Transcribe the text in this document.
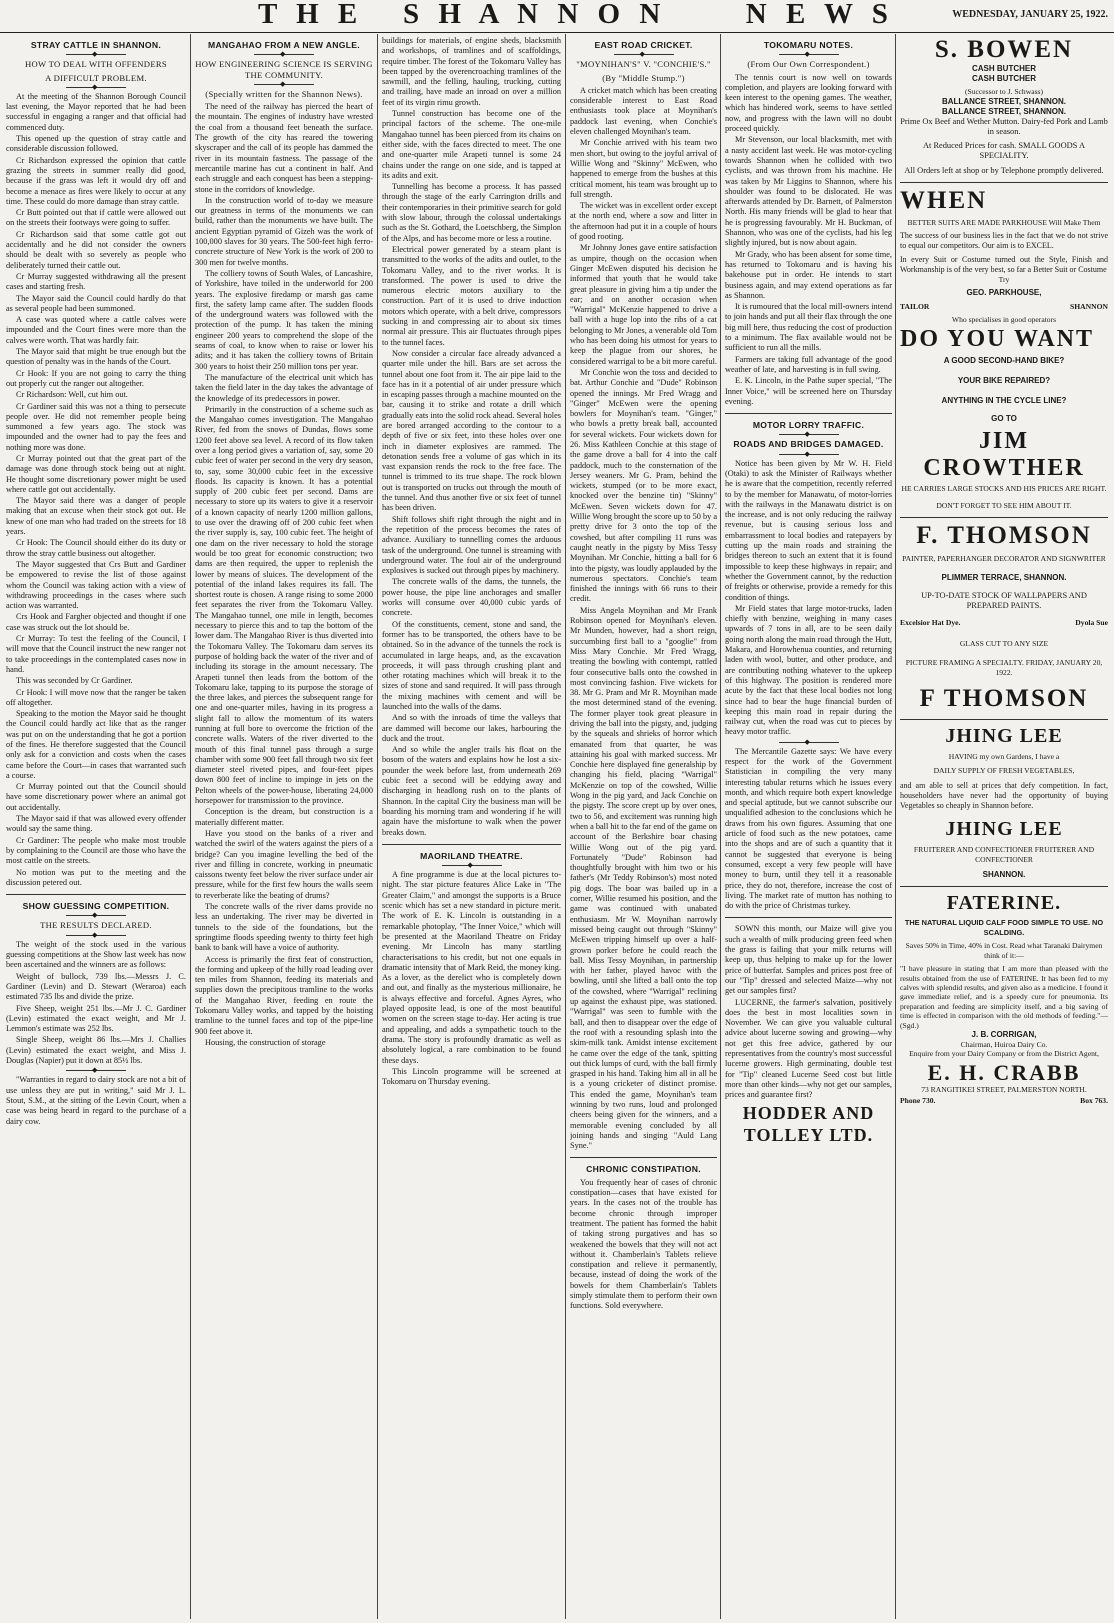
T H E   S H A N N O N      N E W S	WEDNESDAY, JANUARY 25, 1922.
STRAY CATTLE IN SHANNON.
◆
HOW TO DEAL WITH OFFENDERS
A DIFFICULT PROBLEM.
◆

At the meeting of the Shannon Borough Council last evening, the Mayor reported that he had been successful in engaging a ranger and that official had commenced duty.

This opened up the question of stray cattle and considerable discussion followed.

Cr Richardson expressed the opinion that cattle grazing the streets in summer really did good, because if the grass was left it would dry off and become a menace as fires were likely to occur at any time. These could do more damage than stray cattle.

Cr Butt pointed out that if cattle were allowed out on the streets their footways were going to suffer.

Cr Richardson said that some cattle got out accidentally and he did not consider the owners should be dealt with so severely as people who deliberately turned their cattle out.

Cr Murray suggested withdrawing all the present cases and starting fresh.

The Mayor said the Council could hardly do that as several people had been summoned.

A case was quoted where a cattle calves were impounded and the Court fines were more than the calves were worth. That was hardly fair.

The Mayor said that might be true enough but the question of penalty was in the hands of the Court.

Cr Hook: If you are not going to carry the thing out properly cut the ranger out altogether.

Cr Richardson: Well, cut him out.

Cr Gardiner said this was not a thing to persecute people over. He did not remember people being summoned a few years ago. The stock was impounded and the owner had to pay the fees and nothing more was done.

Cr Murray pointed out that the great part of the damage was done through stock being out at night. He thought some discretionary power might be used where cattle got out accidentally.

The Mayor said there was a danger of people making that an excuse when their stock got out. He knew of one man who had traded on the streets for 18 years.

Cr Hook: The Council should either do its duty or throw the stray cattle business out altogether.

The Mayor suggested that Crs Butt and Gardiner be empowered to revise the list of those against whom the Council was taking action with a view of withdrawing proceedings in the cases where such action was warranted.

Crs Hook and Fargher objected and thought if one case was struck out the lot should be.

Cr Murray: To test the feeling of the Council, I will move that the Council instruct the new ranger not to take proceedings in the contemplated cases now in hand.

This was seconded by Cr Gardiner.

Cr Hook: I will move now that the ranger be taken off altogether.

Speaking to the motion the Mayor said he thought the Council could hardly act like that as the ranger was put on on the understanding that he got a portion of the fines. He therefore suggested that the Council only ask for a conviction and costs when the cases came before the Court—in cases that warranted such a course.

Cr Murray pointed out that the Council should have some discretionary power where an animal got out accidentally.

The Mayor said if that was allowed every offender would say the same thing.

Cr Gardiner: The people who make most trouble by complaining to the Council are those who have the most cattle on the streets.

No motion was put to the meeting and the discussion petered out.

SHOW GUESSING COMPETITION.
◆
THE RESULTS DECLARED.
◆

The weight of the stock used in the various guessing competitions at the Show last week has now been ascertained and the winners are as follows:

Weight of bullock, 739 lbs.—Messrs J. C. Gardiner (Levin) and D. Stewart (Weraroa) each estimated 735 lbs and divide the prize.

Five Sheep, weight 251 lbs.—Mr J. C. Gardiner (Levin) estimated the exact weight, and Mr J. Lemmon's estimate was 252 lbs.

Single Sheep, weight 86 lbs.—Mrs J. Challies (Levin) estimated the exact weight, and Miss J. Douglas (Napier) put it down at 85½ lbs.

◆

"Warranties in regard to dairy stock are not a bit of use unless they are put in writing," said Mr J. L. Stout, S.M., at the sitting of the Levin Court, when a case was being heard in regard to the purchase of a dairy cow.

MANGAHAO FROM A NEW ANGLE.
◆
HOW ENGINEERING SCIENCE IS SERVING THE COMMUNITY.
◆
(Specially written for the Shannon News).

The need of the railway has pierced the heart of the mountain. The engines of industry have wrested the coal from a thousand feet beneath the surface. The growth of the city has reared the towering skyscraper and the call of its people has dammed the river in its mountain fastness. The passage of the mercantile marine has cut a continent in half. And each struggle and each conquest has been a stepping-stone in the corridors of knowledge.

In the construction world of to-day we measure our greatness in terms of the monuments we can build, rather than the monuments we have built. The ancient Egyptian pyramid of Gizeh was the work of 100,000 slaves for 30 years. The 500-feet high ferro-concrete structure of New York is the work of 200 to 300 men for twelve months.

The colliery towns of South Wales, of Lancashire, of Yorkshire, have toiled in the underworld for 200 years. The explosive firedamp or marsh gas came first, the safety lamp came after. The sudden floods of the underground waters was followed with the protection of the pump. It has taken the mining engineer 200 years to comprehend the slope of the seams of coal, to know when to raise or lower his adits; and it has taken the colliery towns of Britain 300 years to hoist their 250 million tons per year.

The manufacture of the electrical unit which has taken the field later in the day takes the advantage of the knowledge of its predecessors in power.

Primarily in the construction of a scheme such as the Mangahao comes investigation. The Mangahao River, fed from the snows of Dundas, flows some 1200 feet above sea level. A record of its flow taken over a long period gives a variation of, say, some 20 cubic feet of water per second in the very dry season, to, say, some 30,000 cubic feet in the excessive floods. Its capacity is known. It has a potential supply of 200 cubic feet per second. Dams are necessary to store up its waters to give it a reservoir of a known capacity of nearly 1200 million gallons, to use over the drawing off of 200 cubic feet when the river supply is, say, 100 cubic feet. The height of one dam on the river necessary to hold the storage would be too great for economic construction; two dams are then required, the upper to replenish the lower by means of sluices. The development of the potential of the inland lakes requires its fall. The shortest route is chosen. A range rising to some 2000 feet separates the river from the Tokomaru Valley. The Mangahao tunnel, one mile in length, becomes necessary to pierce this and to tap the bottom of the lower dam. The Mangahao River is thus diverted into the Tokomaru Valley. The Tokomaru dam serves its purpose of holding back the water of the river and of including its storage in the amount necessary. The Arapeti tunnel then leads from the bottom of the Tokomaru lake, tapping to its purpose the storage of the three lakes, and pierces the subsequent range for one and one-quarter miles, having in its progress a slight fall to allow the momentum of its waters running at full bore to overcome the friction of the concrete walls. Waters of the river diverted to the mouth of this final tunnel pass through a surge chamber with some 900 feet fall through two six feet diameter steel riveted pipes, and four-feet pipes down 800 feet of incline to impinge in jets on the Pelton wheels of the power-house, liberating 24,000 horsepower for transmission to the province.

Conception is the dream, but construction is a materially different matter.

Have you stood on the banks of a river and watched the swirl of the waters against the piers of a bridge? Can you imagine levelling the bed of the river and filling in concrete, working in pneumatic caissons twenty feet below the river surface under air pressure, while for the first few hours the walls seem to reverberate like the beating of drums?

The concrete walls of the river dams provide no less an undertaking. The river may be diverted in tunnels to the side of the foundations, but the springtime floods speeding twenty to thirty feet high bank to bank will have a voice of authority.

Access is primarily the first feat of construction, the forming and upkeep of the hilly road leading over ten miles from Shannon, feeding its materials and supplies down the precipitous tramline to the works of the Mangahao River, feeding en route the Tokomaru Valley works, and tapped by the hoisting tramline to the tunnel faces and top of the pipe-line 900 feet above it.

Housing, the construction of storage

buildings for materials, of engine sheds, blacksmith and workshops, of tramlines and of scaffoldings, require timber. The forest of the Tokomaru Valley has been tapped by the overencroaching tramlines of the sawmill, and the felling, hauling, trucking, cutting and trailing, have made an inroad on over a million feet of its virgin rimu growth.

Tunnel construction has become one of the principal factors of the scheme. The one-mile Mangahao tunnel has been pierced from its chains on either side, with the faces directed to meet. The one and one-quarter mile Arapeti tunnel is some 24 chains under the range on one side, and is tapped at its adits and exit.

Tunnelling has become a process. It has passed through the stage of the early Carrington drills and their contemporaries in their primitive search for gold with slow labour, through the colossal undertakings such as the St. Gothard, the Loetschberg, the Simplon of the Alps, and has become more or less a routine.

Electrical power generated by a steam plant is transmitted to the works of the adits and outlet, to the Tokomaru Valley, and to the river works. It is transformed. The power is used to drive the numerous electric motors auxiliary to the construction. Part of it is used to drive induction motors which operate, with a belt drive, compressors sucking in and compressing air to about six times normal air pressure. This air fluctuates through pipes to the tunnel faces.

Now consider a circular face already advanced a quarter mile under the hill. Bars are set across the tunnel about one foot from it. The air pipe laid to the face has in it a potential of air under pressure which in escaping passes through a machine mounted on the bar, causing it to strike and rotate a drill which gradually eats into the solid rock ahead. Several holes are bored arranged according to the contour to a depth of five or six feet, into these holes over one inch in diameter explosives are rammed. The detonation sends free a volume of gas which in its vast expansion rends the rock to the free face. The tunnel is trimmed to its true shape. The rock blown out is transported on trucks out through the mouth of the tunnel. And thus another five or six feet of tunnel has been driven.

Shift follows shift right through the night and in the repetition of the process becomes the rates of advance. Auxiliary to tunnelling comes the arduous task of the underground. One tunnel is streaming with underground water. The foul air of the underground explosives is sucked out through pipes by machinery.

The concrete walls of the dams, the tunnels, the power house, the pipe line anchorages and smaller works will consume over 40,000 cubic yards of concrete.

Of the constituents, cement, stone and sand, the former has to be transported, the others have to be obtained. So in the advance of the tunnels the rock is accumulated in large heaps, and, as the excavation proceeds, it will pass through crushing plant and other rotating machines which will break it to the sizes of stone and sand required. It will pass through the mixing machines with cement and will be launched into the walls of the dams.

And so with the inroads of time the valleys that are dammed will become our lakes, harbouring the duck and the trout.

And so while the angler trails his float on the bosom of the waters and explains how he lost a six-pounder the week before last, from underneath 269 cubic feet a second will be eddying away and discharging in headlong rush on to the plants of Shannon. In the capital City the business man will be boarding his morning tram and wondering if he will again have the misfortune to walk when the power breaks down.

MAORILAND THEATRE.
◆

A fine programme is due at the local pictures to-night. The star picture features Alice Lake in "The Greater Claim," and amongst the supports is a Bruce scenic which has set a new standard in picture merit. The work of E. K. Lincoln is outstanding in a remarkable photoplay, "The Inner Voice," which will be presented at the Maoriland Theatre on Friday evening. Mr Lincoln has many startling characterisations to his credit, but not one equals in dramatic intensity that of Mark Reid, the money king. As a lover, as the derelict who is completely down and out, and finally as the mysterious millionaire, he is always effective and forceful. Agnes Ayres, who played opposite lead, is one of the most beautiful women on the screen stage to-day. Her acting is true and appealing, and adds a sympathetic touch to the drama. The story is profoundly dramatic as well as absolutely logical, a rare combination to be found these days.

This Lincoln programme will be screened at Tokomaru on Thursday evening.

EAST ROAD CRICKET.
◆
"MOYNIHAN'S" V. "CONCHIE'S."
(By "Middle Stump.")

A cricket match which has been creating considerable interest to East Road enthusiasts took place at Moynihan's paddock last evening, when Conchie's eleven challenged Moynihan's team.

Mr Conchie arrived with his team two men short, but owing to the joyful arrival of Willie Wong and "Skinny" McEwen, who happened to emerge from the bushes at this critical moment, his team was brought up to full strength.

The wicket was in excellent order except at the north end, where a sow and litter in the afternoon had put it in a couple of hours of good rooting.

Mr Johnny Jones gave entire satisfaction as umpire, though on the occasion when Ginger McEwen disputed his decision he informed that youth that he would take great pleasure in giving him a tip under the ear; and on another occasion when "Warrigal" McKenzie happened to drive a ball with a huge lop into the ribs of a cat belonging to Mr Jones, a venerable old Tom who has been doing his utmost for years to keep the plague from our shores, he considered warrigal to be a bit more careful.

Mr Conchie won the toss and decided to bat. Arthur Conchie and "Dude" Robinson opened the innings. Mr Fred Wragg and "Ginger" McEwen were the opening bowlers for Moynihan's team. "Ginger," who bowls a pretty break ball, accounted for several wickets. Four wickets down for 26. Miss Kathleen Conchie at this stage of the game drove a ball for 4 into the calf paddock, much to the consternation of the Jersey weaners. Mr G. Pram, behind the wickets, stumped (or to be more exact, knocked over the benzine tin) "Skinny" McEwen. Seven wickets down for 47. Willie Wong brought the score up to 50 by a pretty drive for 3 onto the top of the cowshed, but after compiling 11 runs was caught neatly in the pigsty by Miss Tessy Moynihan. Mr Conchie, hitting a ball for 6 into the pigsty, was loudly applauded by the numerous spectators. Conchie's team finished the innings with 66 runs to their credit.

Miss Angela Moynihan and Mr Frank Robinson opened for Moynihan's eleven. Mr Munden, however, had a short reign, succumbing first ball to a "googlie" from Miss Mary Conchie. Mr Fred Wragg, treating the bowling with contempt, rattled four consecutive balls onto the cowshed in most convincing fashion. Five wickets for 38. Mr G. Pram and Mr R. Moynihan made the most determined stand of the evening. The former player took great pleasure in driving the ball into the pigsty, and, judging by the squeals and shrieks of horror which emanated from that quarter, he was attaining his goal with marked success. Mr Conchie here displayed fine generalship by changing his field, placing "Warrigal" McKenzie on top of the cowshed, Willie Wong in the pig yard, and Jack Conchie on the pigsty. The score crept up by over ones, two to 56, and excitement was running high when a ball hit to the far end of the game on account of the Berkshire boar chasing Willie Wong out of the pig yard. Fortunately "Dude" Robinson had thoughtfully brought with him two or his father's (Mr Teddy Robinson's) most noted pig dogs. The boar was bailed up in a corner, Willie resumed his position, and the game was continued with unabated enthusiasm. Mr W. Moynihan narrowly missed being caught out through "Skinny" McEwen tripping himself up over a half-grown porker before he could reach the ball. Miss Tessy Moynihan, in partnership with her father, played havoc with the bowling, until she lifted a ball onto the top of the cowshed, where "Warrigal" reclining up against the exhaust pipe, was stationed. "Warrigal" was seen to fumble with the ball, and then to disappear over the edge of the roof with a resounding splash into the skim-milk tank. Amidst intense excitement he came over the edge of the tank, spitting out thick lumps of curd, with the ball firmly grasped in his hand. Taking him all in all he is a young cricketer of distinct promise. This ended the game, Moynihan's team winning by two runs, loud and prolonged cheers being given for the winners, and a memorable evening concluded by all joining hands and singing "Auld Lang Syne."

CHRONIC CONSTIPATION.

You frequently hear of cases of chronic constipation—cases that have existed for years. In the cases not of the trouble has become chronic through improper treatment. The patient has formed the habit of taking strong purgatives and has so weakened the bowels that they will not act without it. Chamberlain's Tablets relieve constipation and relieve it permanently, because, instead of doing the work of the bowels for them Chamberlain's Tablets simply stimulate them to perform their own functions. Sold everywhere.

TOKOMARU NOTES.
◆
(From Our Own Correspondent.)

The tennis court is now well on towards completion, and players are looking forward with keen interest to the opening games. The weather, which has hindered work, seems to have settled now, and progress with the lawn will no doubt proceed quickly.

Mr Stevenson, our local blacksmith, met with a nasty accident last week. He was motor-cycling towards Shannon when he collided with two cyclists, and was thrown from his machine. He was taken by Mr Liggins to Shannon, where his shoulder was found to be dislocated. He was afterwards attended by Dr. Barnett, of Palmerston North. His many friends will be glad to hear that he is progressing favourably. Mr H. Buckman, of Shannon, who was one of the cyclists, had his leg slightly injured, but is now about again.

Mr Grady, who has been absent for some time, has returned to Tokomaru and is having his bakehouse put in order. He intends to start business again, and may extend operations as far as Shannon.

It is rumoured that the local mill-owners intend to join hands and put all their flax through the one big mill here, thus reducing the cost of production to a minimum. The flax available would not be sufficient to run all the mills.

Farmers are taking full advantage of the good weather of late, and harvesting is in full swing.

E. K. Lincoln, in the Pathe super special, "The Inner Voice," will be screened here on Thursday evening.

MOTOR LORRY TRAFFIC.
◆
ROADS AND BRIDGES DAMAGED.
◆

Notice has been given by Mr W. H. Field (Otaki) to ask the Minister of Railways whether he is aware that the competition, recently referred to by the member for Manawatu, of motor-lorries with the railways in the Manawatu district is on the increase, and is not only reducing the railway revenue, but is causing serious loss and embarrassment to local bodies and ratepayers by cutting up the main roads and straining the bridges thereon to such an extent that it is found impossible to keep these highways in repair; and whether the Government cannot, by the reduction of freights or otherwise, provide a remedy for this condition of things.

Mr Field states that large motor-trucks, laden chiefly with benzine, weighing in many cases upwards of 7 tons in all, are to be seen daily going north along the main road through the Hutt, Makara, and Horowhenua counties, and returning laden with wool, butter, and other produce, and are contributing nothing whatever to the upkeep of this highway. The position is rendered more acute by the fact that these local bodies not long since had to bear the huge financial burden of keeping this main road in repair during the railway cut, when the road was cut to pieces by heavy motor traffic.

◆

The Mercantile Gazette says: We have every respect for the work of the Government Statistician in compiling the very many interesting tabular returns which he issues every month, and which require both expert knowledge and special aptitude, but we cannot subscribe our unqualified adhesion to the conclusions which he draws from his own figures. Assuming that one article of food such as the new potatoes, came into the shops and are of such a quantity that it cannot be suggested that everyone is being consumed, except a very few people will have money to burn, until they tell it a reasonable price, they do not, therefore, increase the cost of living. The market rate of mutton has nothing to do with the price of Christmas turkey.

SOWN this month, our Maize will give you such a wealth of milk producing green feed when the grass is failing that your milk returns will keep up, thus helping to make up for the lower price of butterfat. Samples and prices post free of our "Tip" dressed and selected Maize—why not get our samples first?

LUCERNE, the farmer's salvation, positively does the best in most localities sown in November. We can give you valuable cultural advice about lucerne sowing and growing—why not get this free advice, gathered by our representatives from the country's most successful lucerne growers. High germinating, double test for "Tip" cleaned Lucerne Seed cost but little more than other kinds—why not get our samples, prices and guarantee first?

HODDER AND TOLLEY LTD.
S. BOWEN
CASH BUTCHER
CASH BUTCHER
(Successor to J. Schwass)
BALLANCE STREET, SHANNON.
BALLANCE STREET, SHANNON.
Prime Ox Beef and Wether Mutton. Dairy-fed Pork and Lamb in season.
At Reduced Prices for cash. SMALL GOODS A SPECIALITY.
All Orders left at shop or by Telephone promptly delivered.
WHEN
BETTER SUITS ARE MADE PARKHOUSE Will Make Them
The success of our business lies in the fact that we do not strive to equal our competitors. Our aim is to EXCEL.
In every Suit or Costume turned out the Style, Finish and Workmanship is of the very best, so far a Better Suit or Costume
Try
GEO. PARKHOUSE,
TAILOR	SHANNON
Who specialises in good operators
DO YOU WANT
A GOOD SECOND-HAND BIKE?
YOUR BIKE REPAIRED?
ANYTHING IN THE CYCLE LINE?
GO TO
JIM CROWTHER
HE CARRIES LARGE STOCKS AND HIS PRICES ARE RIGHT.
DON'T FORGET TO SEE HIM ABOUT IT.
F. THOMSON
PAINTER, PAPERHANGER DECORATOR AND SIGNWRITER
PLIMMER TERRACE, SHANNON.
UP-TO-DATE STOCK OF WALLPAPERS AND PREPARED PAINTS.
Excelsior Hat Dye.	Dyola Sue
GLASS CUT TO ANY SIZE
PICTURE FRAMING A SPECIALTY. FRIDAY, JANUARY 20, 1922.
F THOMSON
JHING LEE
HAVING my own Gardens, I have a
DAILY SUPPLY OF FRESH VEGETABLES,
and am able to sell at prices that defy competition. In fact, householders have never had the opportunity of buying Vegetables so cheaply in Shannon before.
JHING LEE
FRUITERER AND CONFECTIONER FRUITERER AND CONFECTIONER
SHANNON.
FATERINE.
THE NATURAL LIQUID CALF FOOD SIMPLE TO USE. NO SCALDING.
Saves 50% in Time, 40% in Cost. Read what Taranaki Dairymen think of it:—
"I have pleasure in stating that I am more than pleased with the results obtained from the use of FATERINE. It has been fed to my calves with splendid results, and given also as a medicine. I found it gave immediate relief, and is a speedy cure for pneumonia. Its preparation and feeding are simplicity itself, and a big saving of time is effected in comparison with the old methods of feeding."—(Sgd.)
J. B. CORRIGAN,
Chairman, Huiroa Dairy Co.
Enquire from your Dairy Company or from the District Agent,
E. H. CRABB
73 RANGITIKEI STREET, PALMERSTON NORTH.
Phone 730.	Box 763.
